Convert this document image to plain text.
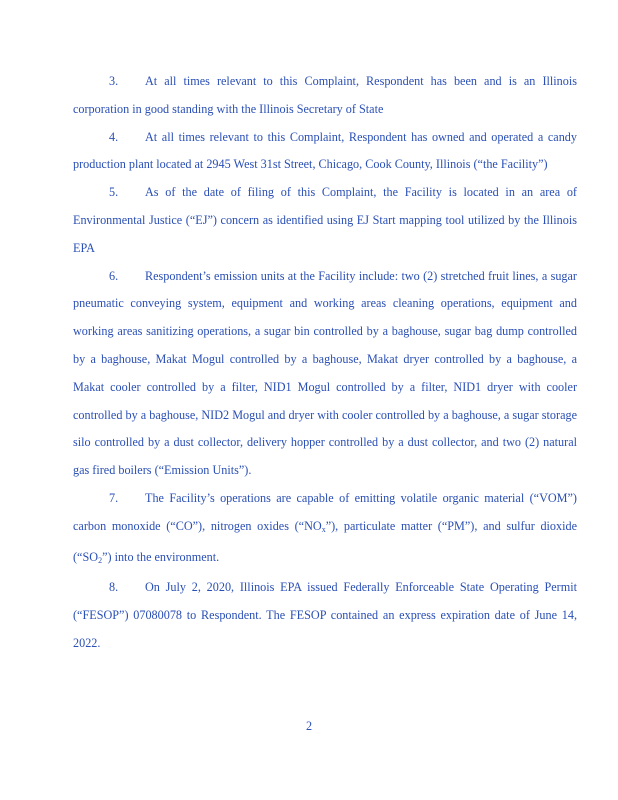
3. At all times relevant to this Complaint, Respondent has been and is an Illinois corporation in good standing with the Illinois Secretary of State

4. At all times relevant to this Complaint, Respondent has owned and operated a candy production plant located at 2945 West 31st Street, Chicago, Cook County, Illinois (“the Facility”)

5. As of the date of filing of this Complaint, the Facility is located in an area of Environmental Justice (“EJ”) concern as identified using EJ Start mapping tool utilized by the Illinois EPA

6. Respondent’s emission units at the Facility include: two (2) stretched fruit lines, a sugar pneumatic conveying system, equipment and working areas cleaning operations, equipment and working areas sanitizing operations, a sugar bin controlled by a baghouse, sugar bag dump controlled by a baghouse, Makat Mogul controlled by a baghouse, Makat dryer controlled by a baghouse, a Makat cooler controlled by a filter, NID1 Mogul controlled by a filter, NID1 dryer with cooler controlled by a baghouse, NID2 Mogul and dryer with cooler controlled by a baghouse, a sugar storage silo controlled by a dust collector, delivery hopper controlled by a dust collector, and two (2) natural gas fired boilers (“Emission Units”).

7. The Facility’s operations are capable of emitting volatile organic material (“VOM”) carbon monoxide (“CO”), nitrogen oxides $(“NO_x”)$, particulate matter (“PM”), and sulfur dioxide $(“SO_2”)$ into the environment.

8. On July 2, 2020, Illinois EPA issued Federally Enforceable State Operating Permit (“FESOP”) 07080078 to Respondent. The FESOP contained an express expiration date of June 14, 2022.

2
